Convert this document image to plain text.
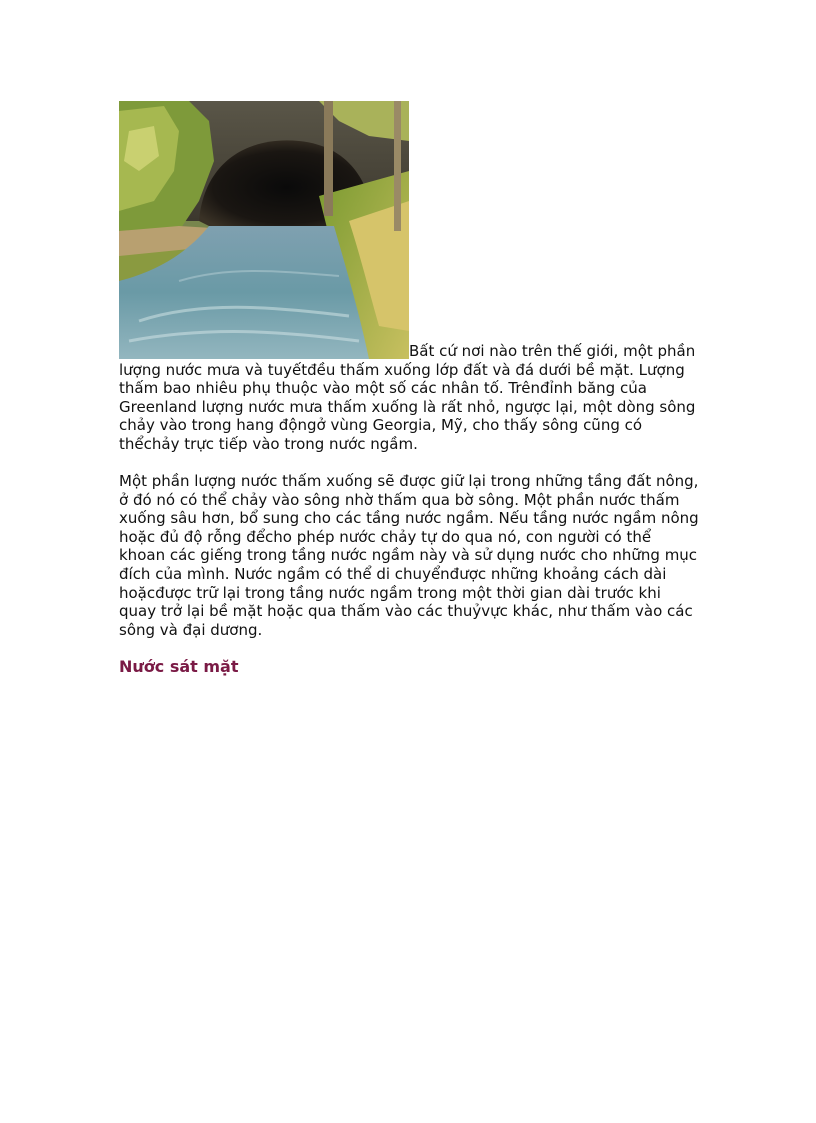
Bất cứ nơi nào trên thế giới, một phần lượng nước mưa và tuyếtđều thấm xuống lớp đất và đá dưới bề mặt. Lượng thấm bao nhiêu phụ thuộc vào một số các nhân tố. Trênđỉnh băng của Greenland lượng nước mưa thấm xuống là rất nhỏ, ngược lại, một dòng sông chảy vào trong hang độngở vùng Georgia, Mỹ, cho thấy sông cũng có thểchảy trực tiếp vào trong nước ngầm.

Một phần lượng nước thấm xuống sẽ được giữ lại trong những tầng đất nông, ở đó nó có thể chảy vào sông nhờ thấm qua bờ sông. Một phần nước thấm xuống sâu hơn, bổ sung cho các tầng nước ngầm. Nếu tầng nước ngầm nông hoặc đủ độ rỗng đểcho phép nước chảy tự do qua nó, con người có thể khoan các giếng trong tầng nước ngầm này và sử dụng nước cho những mục đích của mình. Nước ngầm có thể di chuyểnđược những khoảng cách dài hoặcđược trữ lại trong tầng nước ngầm trong một thời gian dài trước khi quay trở lại bề mặt hoặc qua thấm vào các thuỷvực khác, như thấm vào các sông và đại dương.

Nước sát mặt
